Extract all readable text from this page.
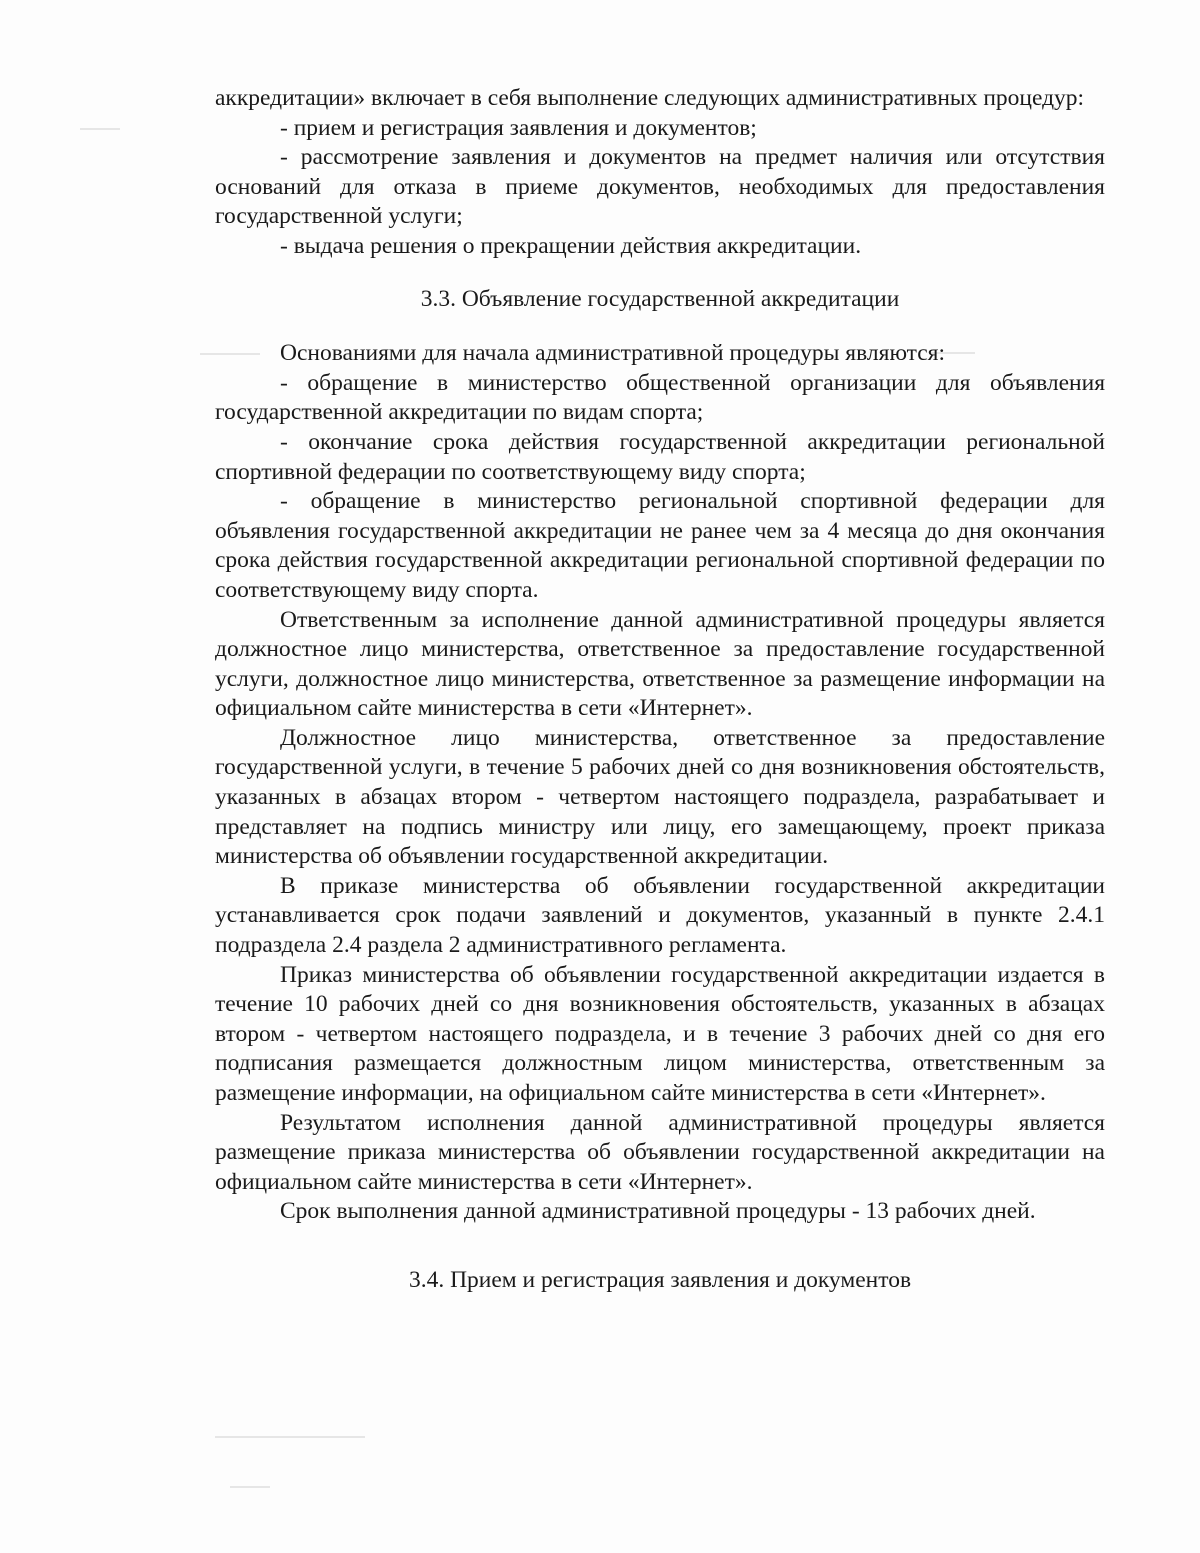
аккредитации» включает в себя выполнение следующих административных процедур:

- прием и регистрация заявления и документов;

- рассмотрение заявления и документов на предмет наличия или отсутствия оснований для отказа в приеме документов, необходимых для предоставления государственной услуги;

- выдача решения о прекращении действия аккредитации.

3.3. Объявление государственной аккредитации

Основаниями для начала административной процедуры являются:

- обращение в министерство общественной организации для объявления государственной аккредитации по видам спорта;

- окончание срока действия государственной аккредитации региональной спортивной федерации по соответствующему виду спорта;

- обращение в министерство региональной спортивной федерации для объявления государственной аккредитации не ранее чем за 4 месяца до дня окончания срока действия государственной аккредитации региональной спортивной федерации по соответствующему виду спорта.

Ответственным за исполнение данной административной процедуры является должностное лицо министерства, ответственное за предоставление государственной услуги, должностное лицо министерства, ответственное за размещение информации на официальном сайте министерства в сети «Интернет».

Должностное лицо министерства, ответственное за предоставление государственной услуги, в течение 5 рабочих дней со дня возникновения обстоятельств, указанных в абзацах втором - четвертом настоящего подраздела, разрабатывает и представляет на подпись министру или лицу, его замещающему, проект приказа министерства об объявлении государственной аккредитации.

В приказе министерства об объявлении государственной аккредитации устанавливается срок подачи заявлений и документов, указанный в пункте 2.4.1 подраздела 2.4 раздела 2 административного регламента.

Приказ министерства об объявлении государственной аккредитации издается в течение 10 рабочих дней со дня возникновения обстоятельств, указанных в абзацах втором - четвертом настоящего подраздела, и в течение 3 рабочих дней со дня его подписания размещается должностным лицом министерства, ответственным за размещение информации, на официальном сайте министерства в сети «Интернет».

Результатом исполнения данной административной процедуры является размещение приказа министерства об объявлении государственной аккредитации на официальном сайте министерства в сети «Интернет».

Срок выполнения данной административной процедуры - 13 рабочих дней.

3.4. Прием и регистрация заявления и документов
